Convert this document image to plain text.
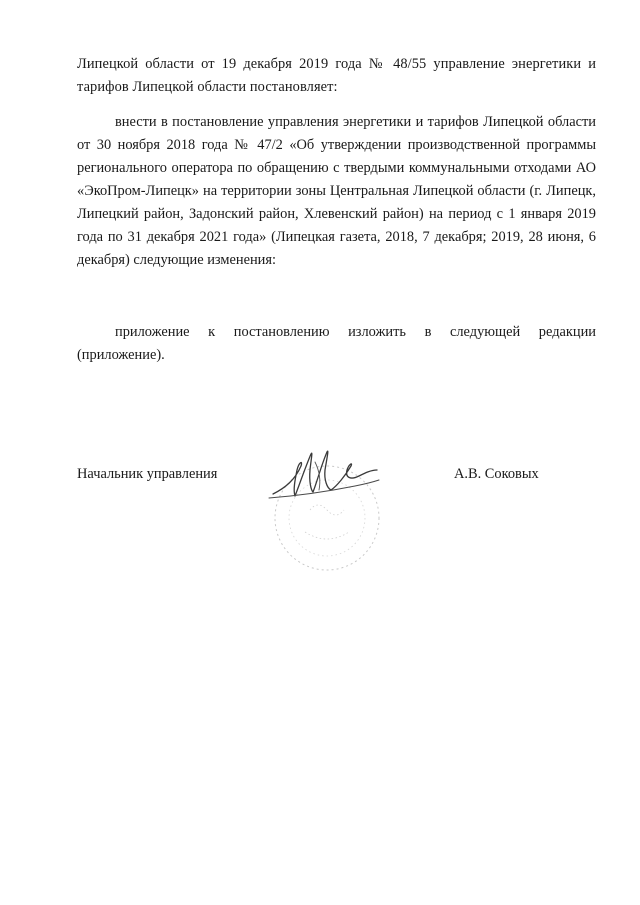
Липецкой области от 19 декабря 2019 года № 48/55 управление энергетики и тарифов Липецкой области постановляет:

внести в постановление управления энергетики и тарифов Липецкой области от 30 ноября 2018 года № 47/2 «Об утверждении производственной программы регионального оператора по обращению с твердыми коммунальными отходами АО «ЭкоПром-Липецк» на территории зоны Центральная Липецкой области (г. Липецк, Липецкий район, Задонский район, Хлевенский район) на период с 1 января 2019 года по 31 декабря 2021 года» (Липецкая газета, 2018, 7 декабря; 2019, 28 июня, 6 декабря) следующие изменения:

приложение к постановлению изложить в следующей редакции (приложение).

Начальник управления	А.В. Соковых
